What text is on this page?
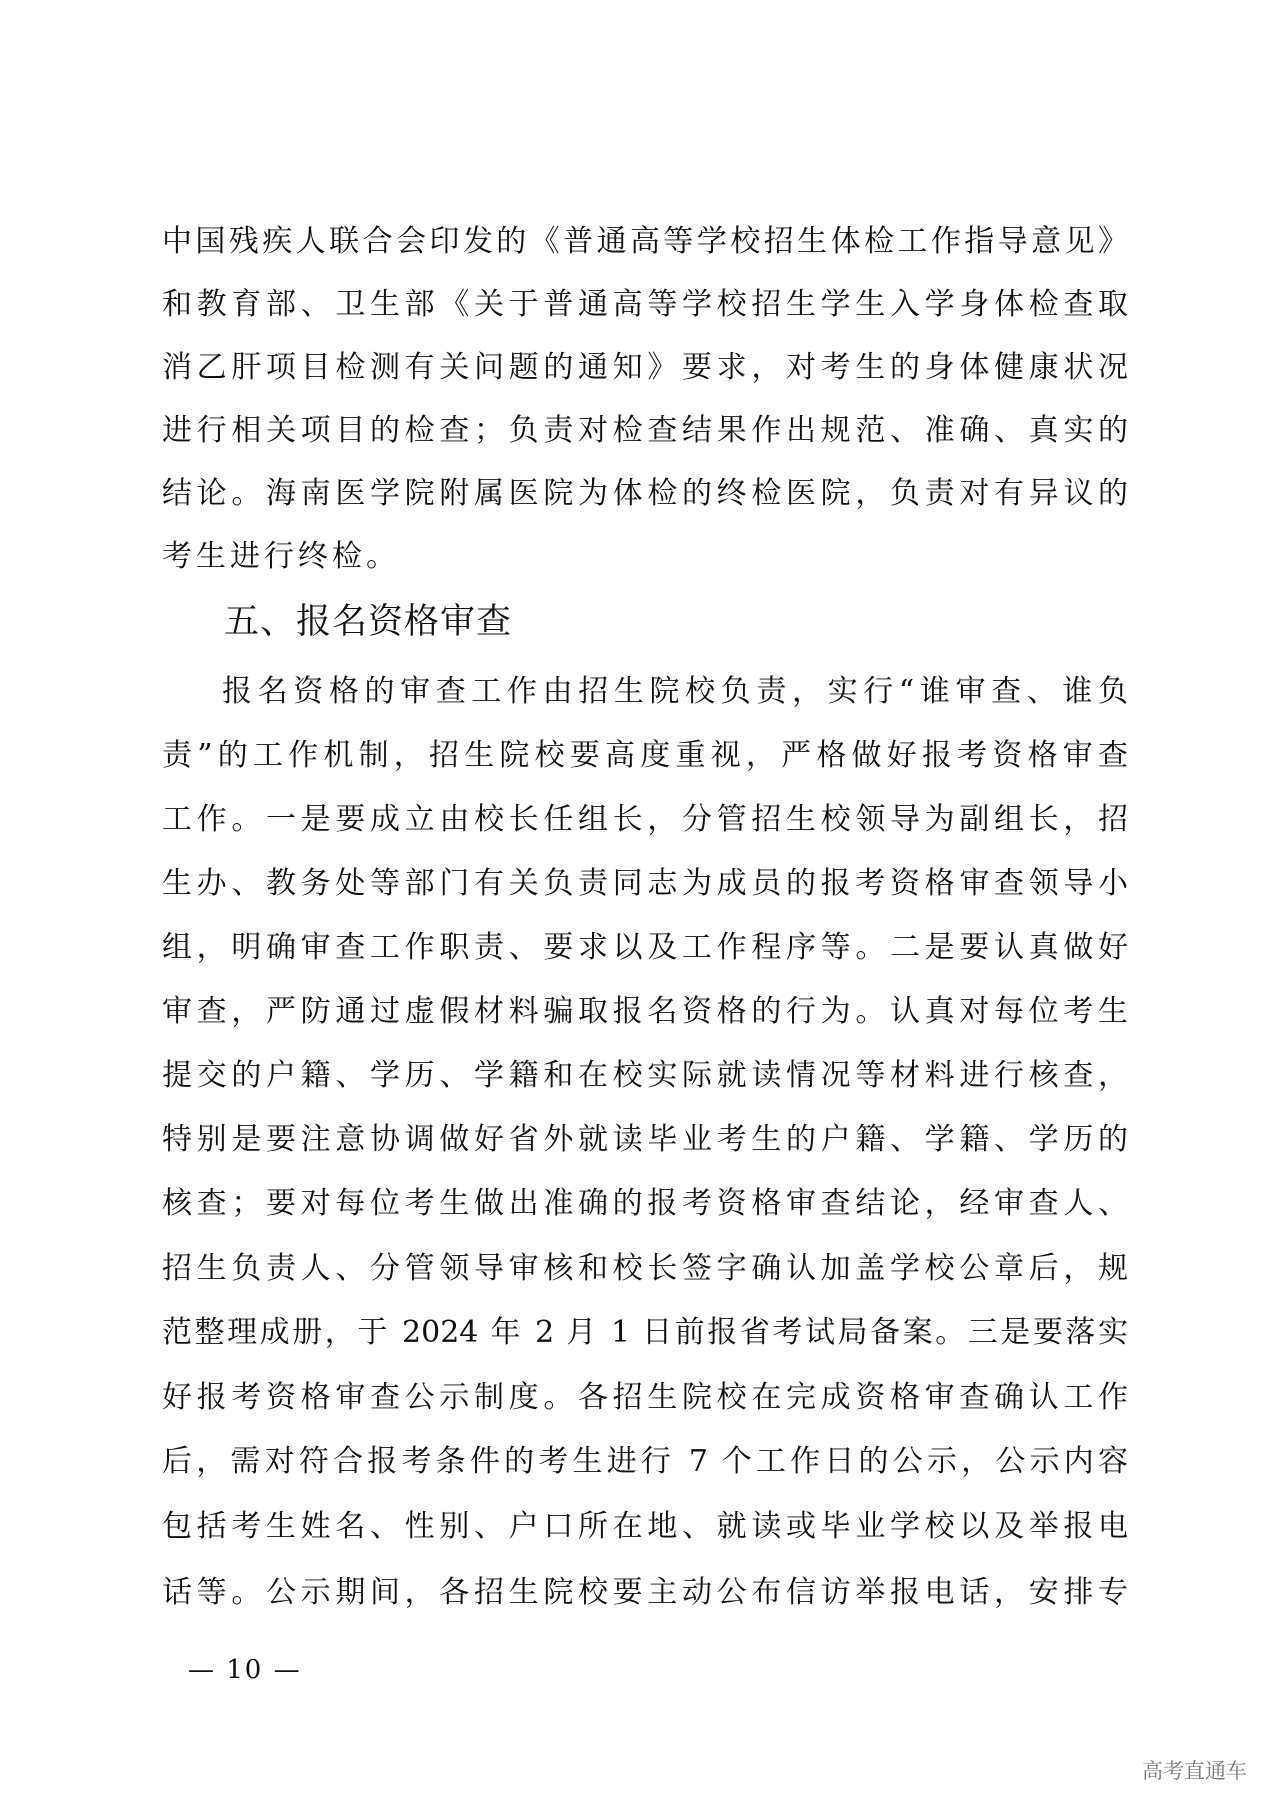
中国残疾人联合会印发的《普通高等学校招生体检工作指导意见》
和教育部、卫生部《关于普通高等学校招生学生入学身体检查取
消乙肝项目检测有关问题的通知》要求，对考生的身体健康状况
进行相关项目的检查；负责对检查结果作出规范、准确、真实的
结论。海南医学院附属医院为体检的终检医院，负责对有异议的
考生进行终检。
五、报名资格审查
报名资格的审查工作由招生院校负责，实行“谁审查、谁负
责”的工作机制，招生院校要高度重视，严格做好报考资格审查
工作。一是要成立由校长任组长，分管招生校领导为副组长，招
生办、教务处等部门有关负责同志为成员的报考资格审查领导小
组，明确审查工作职责、要求以及工作程序等。二是要认真做好
审查，严防通过虚假材料骗取报名资格的行为。认真对每位考生
提交的户籍、学历、学籍和在校实际就读情况等材料进行核查，
特别是要注意协调做好省外就读毕业考生的户籍、学籍、学历的
核查；要对每位考生做出准确的报考资格审查结论，经审查人、
招生负责人、分管领导审核和校长签字确认加盖学校公章后，规
范整理成册，于 2024 年 2 月 1 日前报省考试局备案。三是要落实
好报考资格审查公示制度。各招生院校在完成资格审查确认工作
后，需对符合报考条件的考生进行 7 个工作日的公示，公示内容
包括考生姓名、性别、户口所在地、就读或毕业学校以及举报电
话等。公示期间，各招生院校要主动公布信访举报电话，安排专
— 10 —
高考直通车
